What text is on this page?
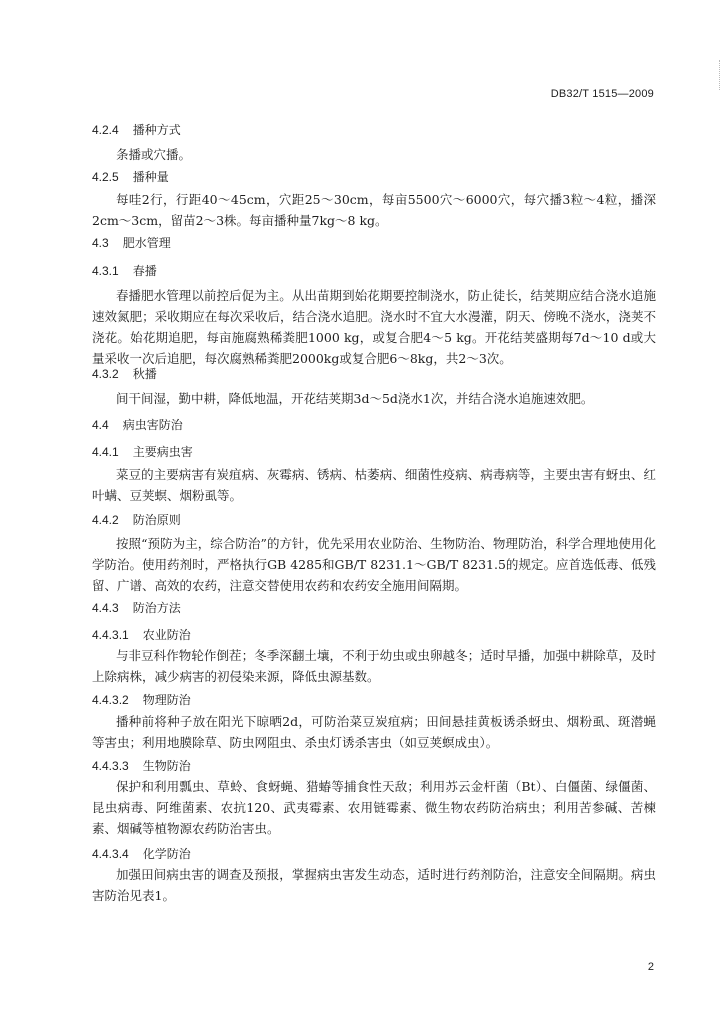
DB32/T 1515—2009
4.2.4 播种方式
条播或穴播。
4.2.5 播种量
每哇2行，行距40～45cm，穴距25～30cm，每亩5500穴～6000穴，每穴播3粒～4粒，播深2cm～3cm，留苗2～3株。每亩播种量7kg～8 kg。
4.3 肥水管理
4.3.1 春播
春播肥水管理以前控后促为主。从出苗期到始花期要控制浇水，防止徒长，结荚期应结合浇水追施速效氮肥；采收期应在每次采收后，结合浇水追肥。浇水时不宜大水漫灌，阴天、傍晚不浇水，浇荚不浇花。始花期追肥，每亩施腐熟稀粪肥1000 kg，或复合肥4～5 kg。开花结荚盛期每7d～10 d或大量采收一次后追肥，每次腐熟稀粪肥2000kg或复合肥6～8kg，共2～3次。
4.3.2 秋播
间干间湿，勤中耕，降低地温，开花结荚期3d～5d浇水1次，并结合浇水追施速效肥。
4.4 病虫害防治
4.4.1 主要病虫害
菜豆的主要病害有炭疽病、灰霉病、锈病、枯萎病、细菌性疫病、病毒病等，主要虫害有蚜虫、红叶螨、豆荚螟、烟粉虱等。
4.4.2 防治原则
按照“预防为主，综合防治”的方针，优先采用农业防治、生物防治、物理防治，科学合理地使用化学防治。使用药剂时，严格执行GB 4285和GB/T 8231.1～GB/T 8231.5的规定。应首选低毒、低残留、广谱、高效的农药，注意交替使用农药和农药安全施用间隔期。
4.4.3 防治方法
4.4.3.1 农业防治
与非豆科作物轮作倒茬；冬季深翻土壤，不利于幼虫或虫卵越冬；适时早播，加强中耕除草，及时上除病株，减少病害的初侵染来源，降低虫源基数。
4.4.3.2 物理防治
播种前将种子放在阳光下晾晒2d，可防治菜豆炭疽病；田间悬挂黄板诱杀蚜虫、烟粉虱、斑潜蝇等害虫；利用地膜除草、防虫网阻虫、杀虫灯诱杀害虫（如豆荚螟成虫）。
4.4.3.3 生物防治
保护和利用瓢虫、草蛉、食蚜蝇、猎蝽等捕食性天敌；利用苏云金杆菌（Bt）、白僵菌、绿僵菌、昆虫病毒、阿维菌素、农抗120、武夷霉素、农用链霉素、微生物农药防治病虫；利用苦参碱、苦楝素、烟碱等植物源农药防治害虫。
4.4.3.4 化学防治
加强田间病虫害的调查及预报，掌握病虫害发生动态，适时进行药剂防治，注意安全间隔期。病虫害防治见表1。
2
